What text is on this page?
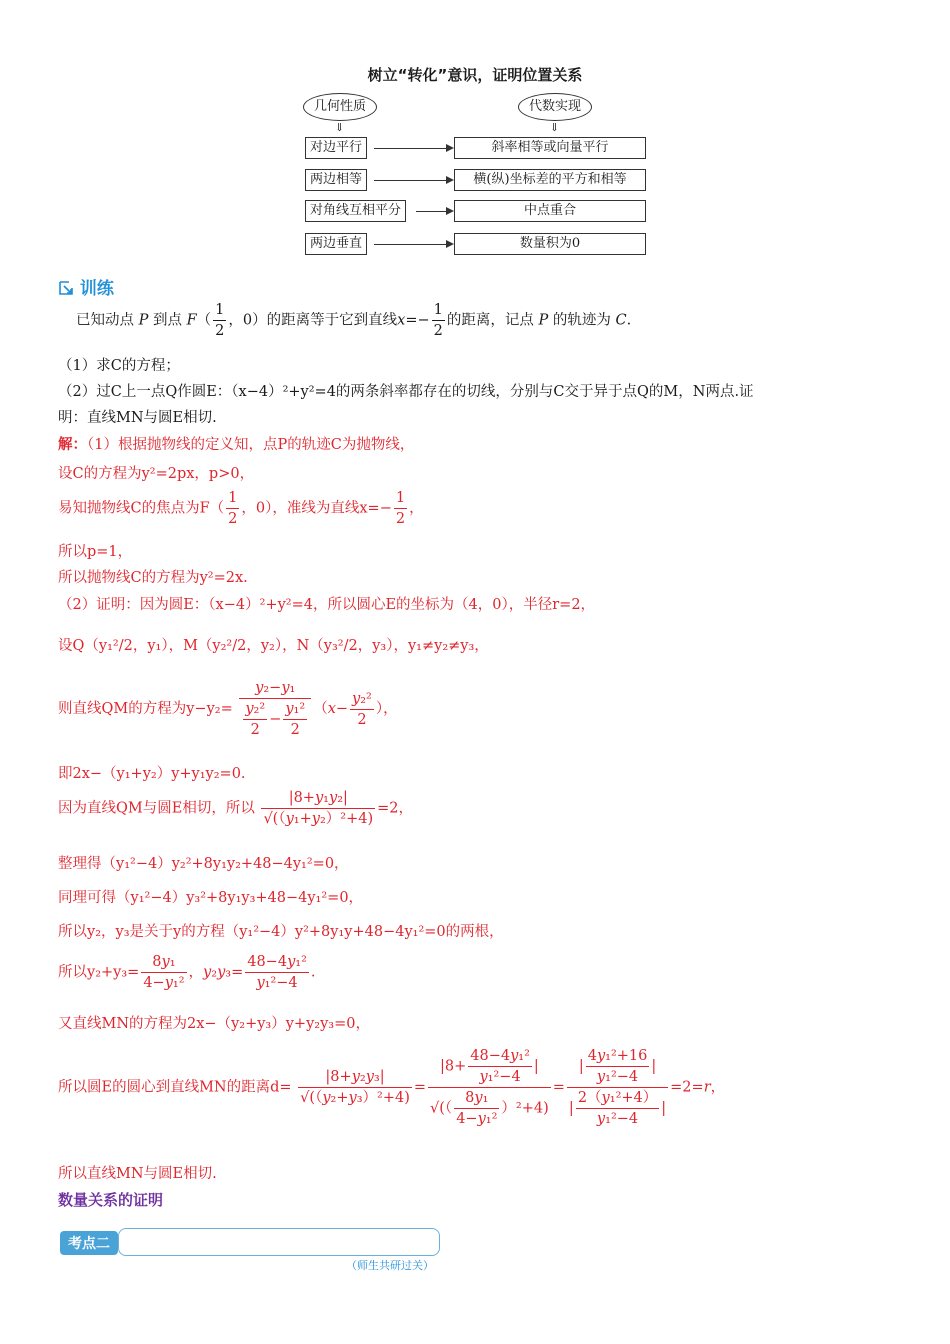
树立“转化”意识，证明位置关系
几何性质	代数实现
⇓	⇓
对边平行	斜率相等或向量平行
两边相等	横(纵)坐标差的平方和相等
对角线互相平分	中点重合
两边垂直	数量积为0
训练
已知动点 P 到点 $F( \frac{1}{2}$ ，0）的距离等于它到直线$x=- \frac{1}{2}$ 的距离，记点 P 的轨迹为 C.
（1）求C的方程；
（2）过C上一点Q作圆E：（x−4）²+y²=4的两条斜率都存在的切线，分别与C交于异于点Q的M，N两点.证
明：直线MN与圆E相切.
解：（1）根据抛物线的定义知，点P的轨迹C为抛物线，
设C的方程为y²=2px，p>0，
易知抛物线C的焦点为$F( \frac{1}{2}$ ，0），准线为直线$x=- \frac{1}{2}$ ，
所以p=1，
所以抛物线C的方程为y²=2x.
（2）证明：因为圆E：（x−4）²+y²=4，所以圆心E的坐标为（4，0），半径r=2，
设Q（y₁²/2，y₁），M（y₂²/2，y₂），N（y₃²/2，y₃），y₁≠y₂≠y₃，
则直线QM的方程为$y-y_2= \frac{\text{y₂−y₁}}{\frac{\text{y₂²}}{2} - \frac{\text{y₁²}}{2}} (x- \frac{\text{y₂²}}{2}$ ），
即2x−（y₁+y₂）y+y₁y₂=0.
因为直线QM与圆E相切，所以 $\frac{\text{|8+y₁y₂|}}{\text{√(（y₁+y₂）²+4)}} =2$，
整理得（y₁²−4）y₂²+8y₁y₂+48−4y₁²=0，
同理可得（y₁²−4）y₃²+8y₁y₃+48−4y₁²=0，
所以y₂，y₃是关于y的方程（y₁²−4）y²+8y₁y+48−4y₁²=0的两根，
所以$y_2+y_3= \frac{\text{8y₁}}{\text{4−y₁²}}$ ，$y_2y_3= \frac{\text{48−4y₁²}}{\text{y₁²−4}}$ .
又直线MN的方程为2x−（y₂+y₃）y+y₂y₃=0，
所以圆E的圆心到直线MN的距离$d= \frac{\text{|8+y₂y₃|}}{\text{√(（y₂+y₃）²+4)}} = \frac{|8+ \frac{\text{48−4y₁²}}{\text{y₁²−4}} |}{√(( \frac{\text{8y₁}}{\text{4−y₁²}} )^2+4)} = \frac{| \frac{\text{4y₁²+16}}{\text{y₁²−4}} |}{| \frac{\text{2（y₁²+4）}}{\text{y₁²−4}} |} =2=r$，
所以直线MN与圆E相切.
数量关系的证明
考点二
（师生共研过关）
